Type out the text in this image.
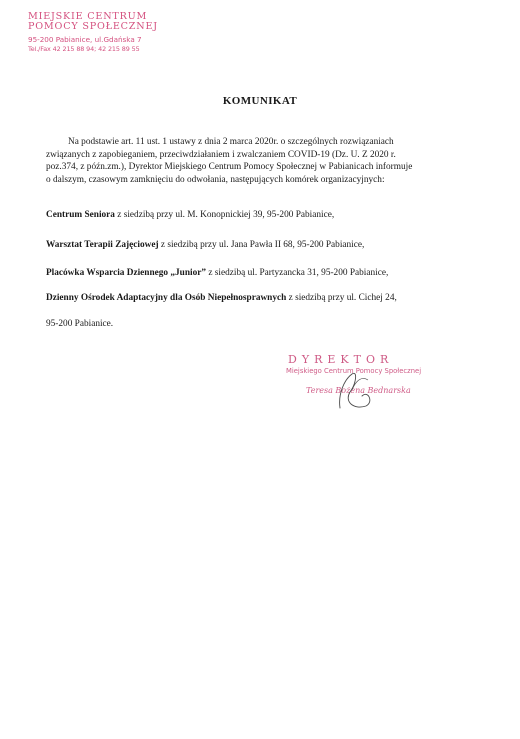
MIEJSKIE CENTRUM
POMOCY SPOŁECZNEJ
95-200 Pabianice, ul.Gdańska 7
Tel./Fax 42 215 88 94; 42 215 89 55
KOMUNIKAT
Na podstawie art. 11 ust. 1 ustawy z dnia 2 marca 2020r. o szczególnych rozwiązaniach
związanych z zapobieganiem, przeciwdziałaniem i zwalczaniem COVID-19 (Dz. U. Z 2020 r.
poz.374, z późn.zm.), Dyrektor Miejskiego Centrum Pomocy Społecznej w Pabianicach informuje
o dalszym, czasowym zamknięciu do odwołania, następujących komórek organizacyjnych:
Centrum Seniora z siedzibą przy ul. M. Konopnickiej 39, 95-200 Pabianice,
Warsztat Terapii Zajęciowej z siedzibą przy ul. Jana Pawła II 68, 95-200 Pabianice,
Placówka Wsparcia Dziennego „Junior” z siedzibą ul. Partyzancka 31, 95-200 Pabianice,
Dzienny Ośrodek Adaptacyjny dla Osób Niepełnosprawnych z siedzibą przy ul. Cichej 24,
95-200 Pabianice.
DYREKTOR
Miejskiego Centrum Pomocy Społecznej
Teresa Bożena Bednarska
